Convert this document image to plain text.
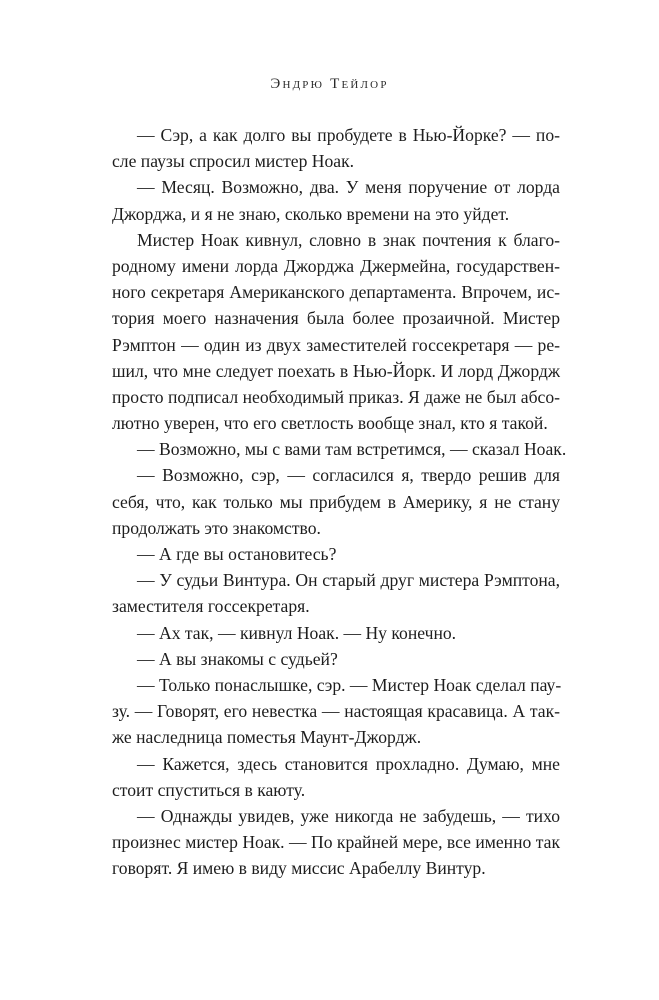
Эндрю Тейлор
— Сэр, а как долго вы пробудете в Нью-Йорке? — по-
сле паузы спросил мистер Ноак.
— Месяц. Возможно, два. У меня поручение от лорда
Джорджа, и я не знаю, сколько времени на это уйдет.
Мистер Ноак кивнул, словно в знак почтения к благо-
родному имени лорда Джорджа Джермейна, государствен-
ного секретаря Американского департамента. Впрочем, ис-
тория моего назначения была более прозаичной. Мистер
Рэмптон — один из двух заместителей госсекретаря — ре-
шил, что мне следует поехать в Нью-Йорк. И лорд Джордж
просто подписал необходимый приказ. Я даже не был абсо-
лютно уверен, что его светлость вообще знал, кто я такой.
— Возможно, мы с вами там встретимся, — сказал Ноак.
— Возможно, сэр, — согласился я, твердо решив для
себя, что, как только мы прибудем в Америку, я не стану
продолжать это знакомство.
— А где вы остановитесь?
— У судьи Винтура. Он старый друг мистера Рэмптона,
заместителя госсекретаря.
— Ах так, — кивнул Ноак. — Ну конечно.
— А вы знакомы с судьей?
— Только понаслышке, сэр. — Мистер Ноак сделал пау-
зу. — Говорят, его невестка — настоящая красавица. А так-
же наследница поместья Маунт-Джордж.
— Кажется, здесь становится прохладно. Думаю, мне
стоит спуститься в каюту.
— Однажды увидев, уже никогда не забудешь, — тихо
произнес мистер Ноак. — По крайней мере, все именно так
говорят. Я имею в виду миссис Арабеллу Винтур.
